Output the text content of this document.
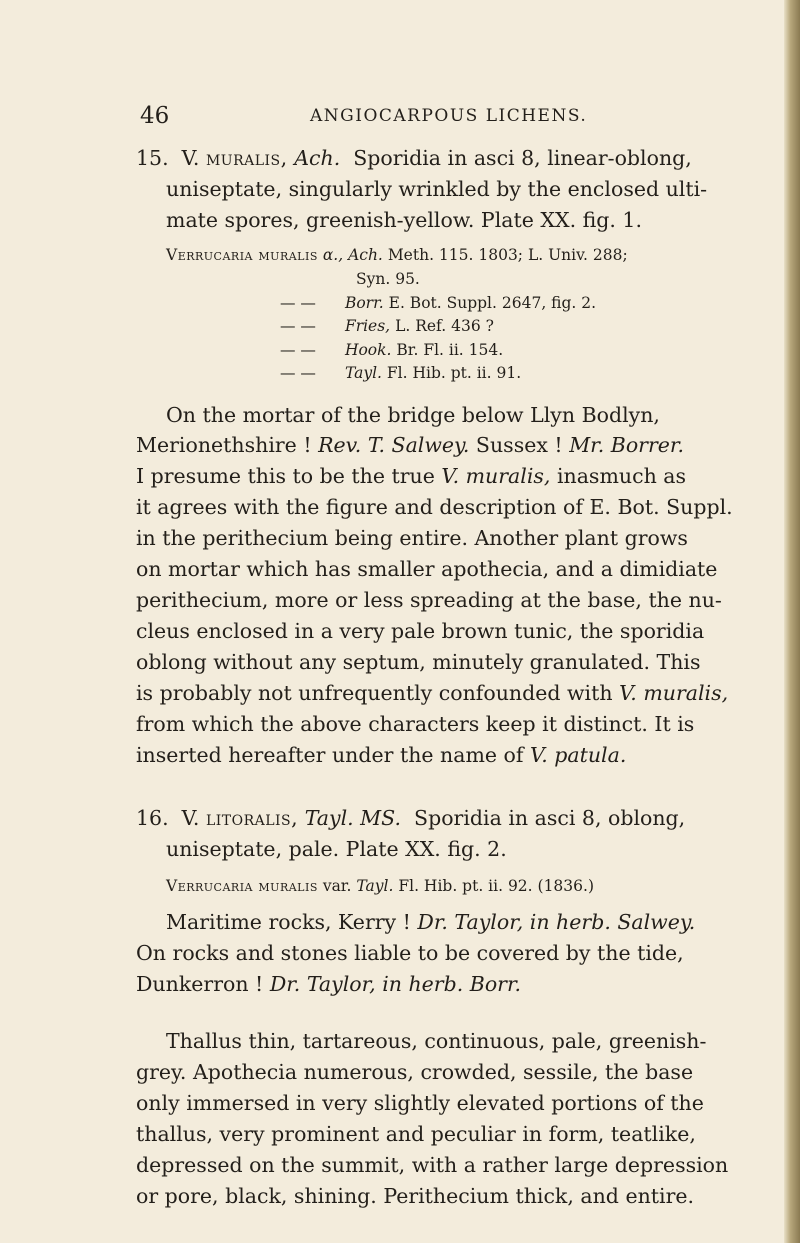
46	ANGIOCARPOUS LICHENS.
15. V. muralis, Ach. Sporidia in asci 8, linear-oblong,
uniseptate, singularly wrinkled by the enclosed ulti-
mate spores, greenish-yellow. Plate XX. fig. 1.
Verrucaria muralis α., Ach. Meth. 115. 1803; L. Univ. 288;
Syn. 95.
— — Borr. E. Bot. Suppl. 2647, fig. 2.
— — Fries, L. Ref. 436 ?
— — Hook. Br. Fl. ii. 154.
— — Tayl. Fl. Hib. pt. ii. 91.
On the mortar of the bridge below Llyn Bodlyn,
Merionethshire ! Rev. T. Salwey. Sussex ! Mr. Borrer.
I presume this to be the true V. muralis, inasmuch as
it agrees with the figure and description of E. Bot. Suppl.
in the perithecium being entire. Another plant grows
on mortar which has smaller apothecia, and a dimidiate
perithecium, more or less spreading at the base, the nu-
cleus enclosed in a very pale brown tunic, the sporidia
oblong without any septum, minutely granulated. This
is probably not unfrequently confounded with V. muralis,
from which the above characters keep it distinct. It is
inserted hereafter under the name of V. patula.
16. V. litoralis, Tayl. MS. Sporidia in asci 8, oblong,
uniseptate, pale. Plate XX. fig. 2.
Verrucaria muralis var. Tayl. Fl. Hib. pt. ii. 92. (1836.)
Maritime rocks, Kerry ! Dr. Taylor, in herb. Salwey.
On rocks and stones liable to be covered by the tide,
Dunkerron ! Dr. Taylor, in herb. Borr.
Thallus thin, tartareous, continuous, pale, greenish-
grey. Apothecia numerous, crowded, sessile, the base
only immersed in very slightly elevated portions of the
thallus, very prominent and peculiar in form, teatlike,
depressed on the summit, with a rather large depression
or pore, black, shining. Perithecium thick, and entire.
